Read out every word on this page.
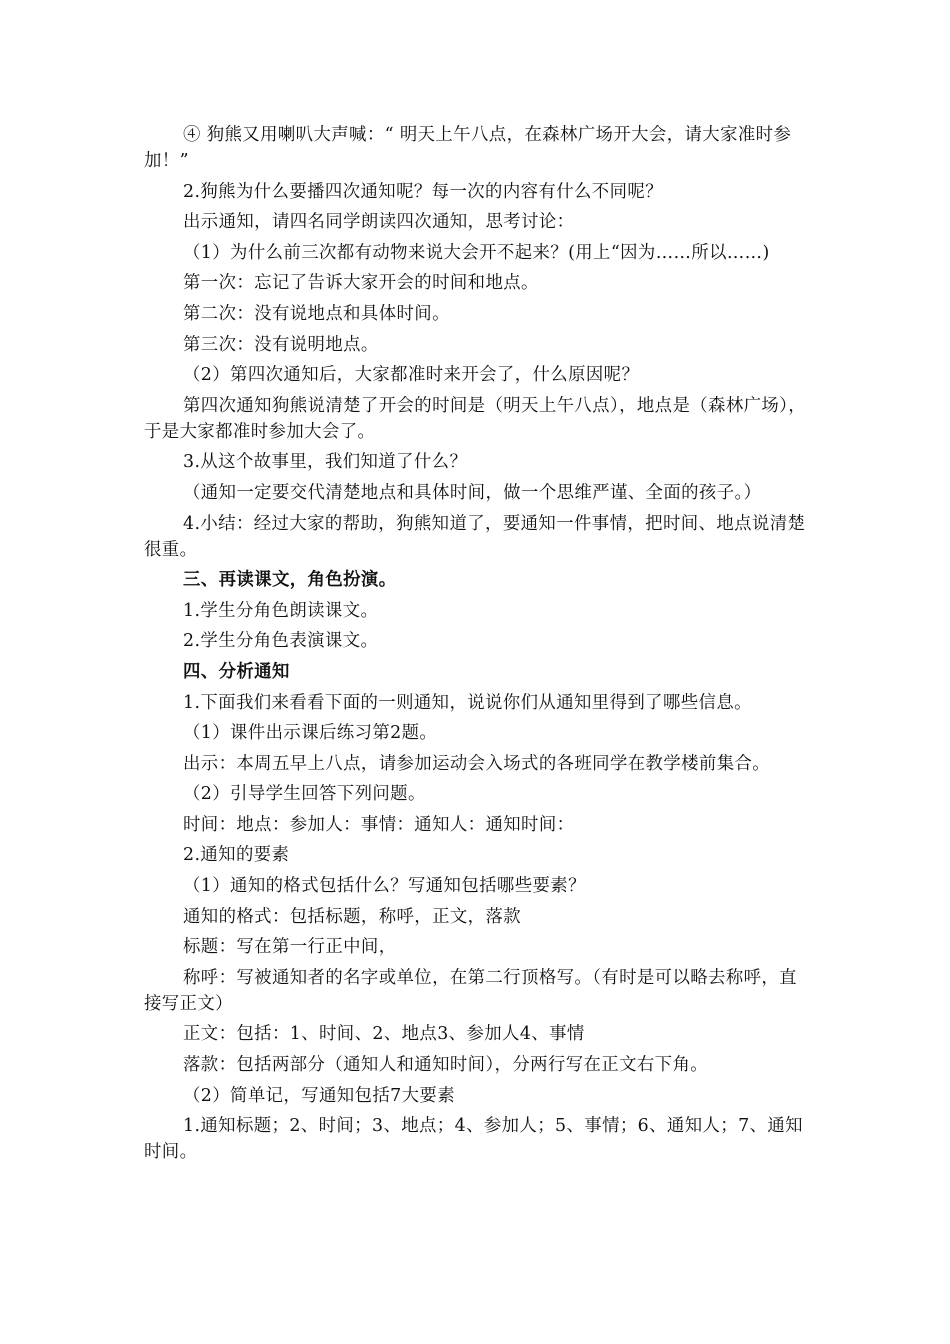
④ 狗熊又用喇叭大声喊：“ 明天上午八点，在森林广场开大会，请大家准时参加！”

2.狗熊为什么要播四次通知呢？每一次的内容有什么不同呢？

出示通知，请四名同学朗读四次通知，思考讨论：

（1）为什么前三次都有动物来说大会开不起来？(用上“因为……所以……)

第一次：忘记了告诉大家开会的时间和地点。

第二次：没有说地点和具体时间。

第三次：没有说明地点。

（2）第四次通知后，大家都准时来开会了，什么原因呢？

第四次通知狗熊说清楚了开会的时间是（明天上午八点），地点是（森林广场），于是大家都准时参加大会了。

3.从这个故事里，我们知道了什么？

（通知一定要交代清楚地点和具体时间，做一个思维严谨、全面的孩子。）

4.小结：经过大家的帮助，狗熊知道了，要通知一件事情，把时间、地点说清楚很重。

三、再读课文，角色扮演。

1.学生分角色朗读课文。

2.学生分角色表演课文。

四、分析通知

1.下面我们来看看下面的一则通知，说说你们从通知里得到了哪些信息。

（1）课件出示课后练习第2题。

出示：本周五早上八点，请参加运动会入场式的各班同学在教学楼前集合。

（2）引导学生回答下列问题。

时间：地点：参加人：事情：通知人：通知时间：

2.通知的要素

（1）通知的格式包括什么？写通知包括哪些要素？

通知的格式：包括标题，称呼，正文，落款

标题：写在第一行正中间，

称呼：写被通知者的名字或单位，在第二行顶格写。（有时是可以略去称呼，直接写正文）

正文：包括：1、时间、2、地点3、参加人4、事情

落款：包括两部分（通知人和通知时间），分两行写在正文右下角。

（2）简单记，写通知包括7大要素

1.通知标题；2、时间；3、地点；4、参加人；5、事情；6、通知人；7、通知时间。
